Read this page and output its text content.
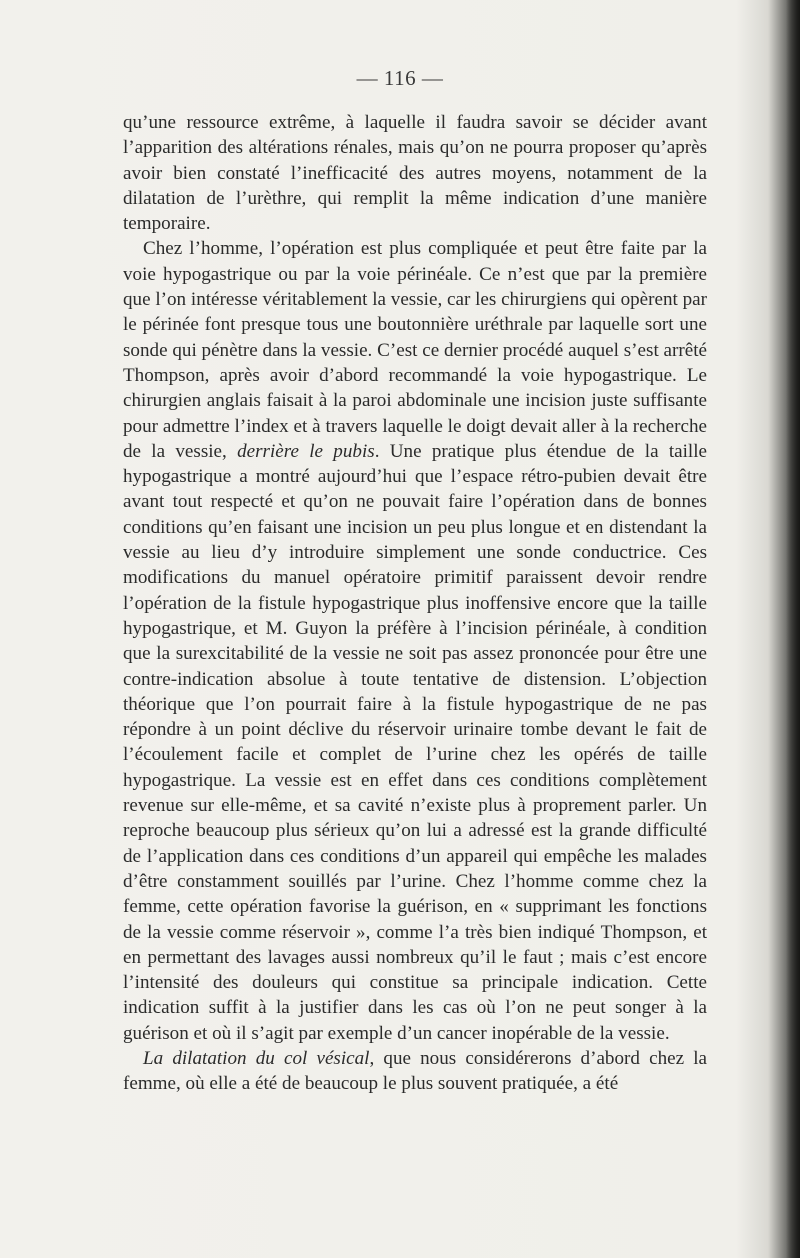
— 116 —

qu’une ressource extrême, à laquelle il faudra savoir se décider avant l’apparition des altérations rénales, mais qu’on ne pourra proposer qu’après avoir bien constaté l’inefficacité des autres moyens, notamment de la dilatation de l’urèthre, qui remplit la même indication d’une manière temporaire.

Chez l’homme, l’opération est plus compliquée et peut être faite par la voie hypogastrique ou par la voie périnéale. Ce n’est que par la première que l’on intéresse véritablement la vessie, car les chirurgiens qui opèrent par le périnée font presque tous une boutonnière uréthrale par laquelle sort une sonde qui pénètre dans la vessie. C’est ce dernier procédé auquel s’est arrêté Thompson, après avoir d’abord recommandé la voie hypogastrique. Le chirurgien anglais faisait à la paroi abdominale une incision juste suffisante pour admettre l’index et à travers laquelle le doigt devait aller à la recherche de la vessie, derrière le pubis. Une pratique plus étendue de la taille hypogastrique a montré aujourd’hui que l’espace rétro-pubien devait être avant tout respecté et qu’on ne pouvait faire l’opération dans de bonnes conditions qu’en faisant une incision un peu plus longue et en distendant la vessie au lieu d’y introduire simplement une sonde conductrice. Ces modifications du manuel opératoire primitif paraissent devoir rendre l’opération de la fistule hypogastrique plus inoffensive encore que la taille hypogastrique, et M. Guyon la préfère à l’incision périnéale, à condition que la surexcitabilité de la vessie ne soit pas assez prononcée pour être une contre-indication absolue à toute tentative de distension. L’objection théorique que l’on pourrait faire à la fistule hypogastrique de ne pas répondre à un point déclive du réservoir urinaire tombe devant le fait de l’écoulement facile et complet de l’urine chez les opérés de taille hypogastrique. La vessie est en effet dans ces conditions complètement revenue sur elle-même, et sa cavité n’existe plus à proprement parler. Un reproche beaucoup plus sérieux qu’on lui a adressé est la grande difficulté de l’application dans ces conditions d’un appareil qui empêche les malades d’être constamment souillés par l’urine. Chez l’homme comme chez la femme, cette opération favorise la guérison, en « supprimant les fonctions de la vessie comme réservoir », comme l’a très bien indiqué Thompson, et en permettant des lavages aussi nombreux qu’il le faut ; mais c’est encore l’intensité des douleurs qui constitue sa principale indication. Cette indication suffit à la justifier dans les cas où l’on ne peut songer à la guérison et où il s’agit par exemple d’un cancer inopérable de la vessie.

La dilatation du col vésical, que nous considérerons d’abord chez la femme, où elle a été de beaucoup le plus souvent pratiquée, a été
